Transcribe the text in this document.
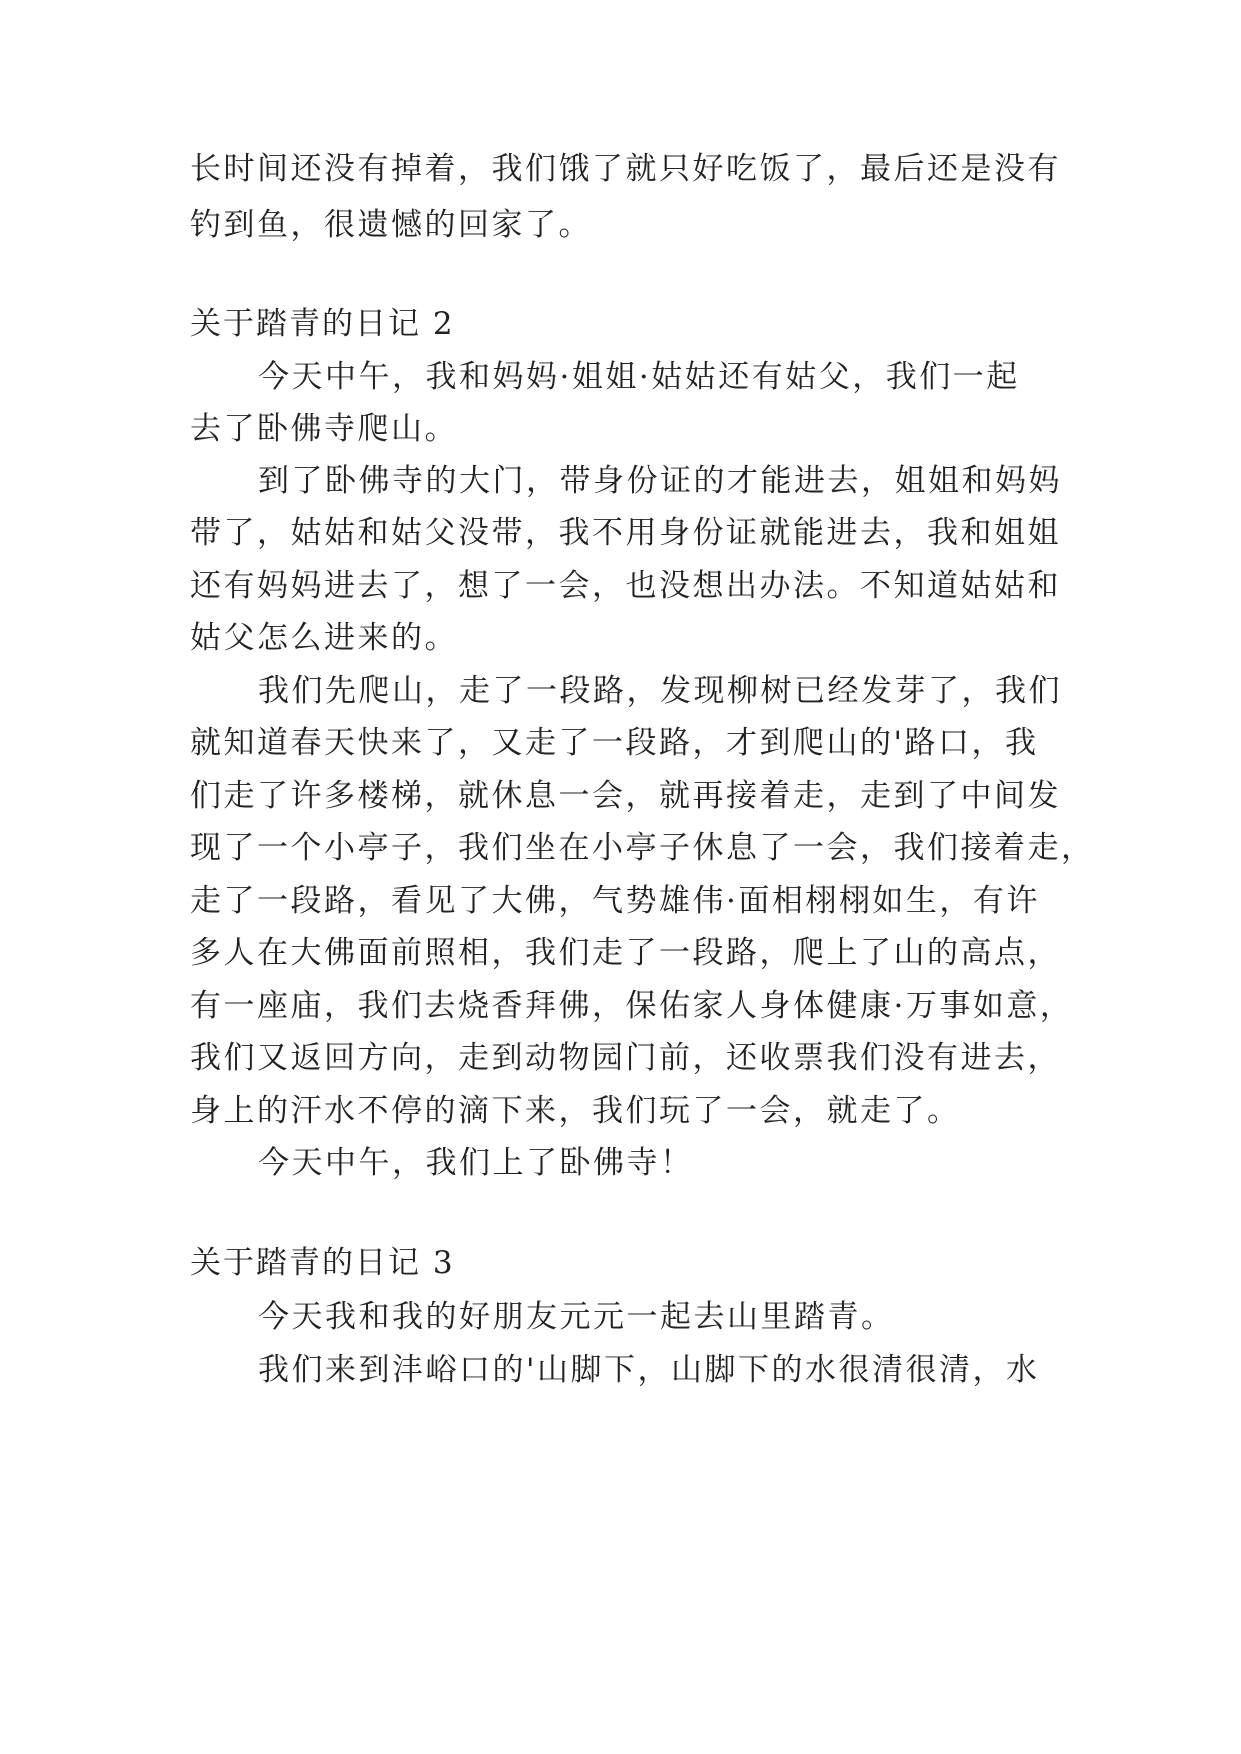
长时间还没有掉着，我们饿了就只好吃饭了，最后还是没有
钓到鱼，很遗憾的回家了。
关于踏青的日记 2
今天中午，我和妈妈·姐姐·姑姑还有姑父，我们一起
去了卧佛寺爬山。
到了卧佛寺的大门，带身份证的才能进去，姐姐和妈妈
带了，姑姑和姑父没带，我不用身份证就能进去，我和姐姐
还有妈妈进去了，想了一会，也没想出办法。不知道姑姑和
姑父怎么进来的。
我们先爬山，走了一段路，发现柳树已经发芽了，我们
就知道春天快来了，又走了一段路，才到爬山的'路口，我
们走了许多楼梯，就休息一会，就再接着走，走到了中间发
现了一个小亭子，我们坐在小亭子休息了一会，我们接着走，
走了一段路，看见了大佛，气势雄伟·面相栩栩如生，有许
多人在大佛面前照相，我们走了一段路，爬上了山的高点，
有一座庙，我们去烧香拜佛，保佑家人身体健康·万事如意，
我们又返回方向，走到动物园门前，还收票我们没有进去，
身上的汗水不停的滴下来，我们玩了一会，就走了。
今天中午，我们上了卧佛寺！
关于踏青的日记 3
今天我和我的好朋友元元一起去山里踏青。
我们来到沣峪口的'山脚下，山脚下的水很清很清，水
